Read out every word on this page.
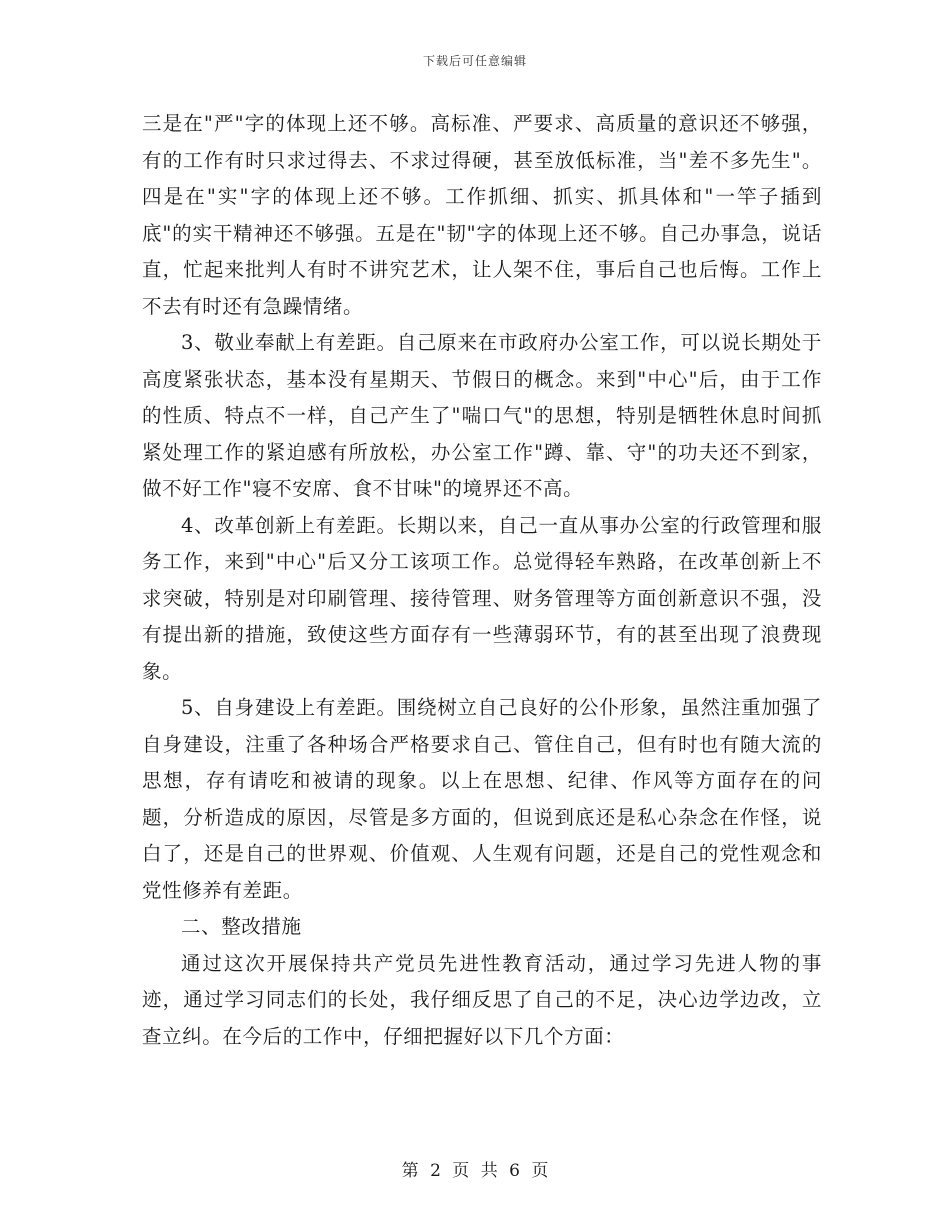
下载后可任意编辑

三是在"严"字的体现上还不够。高标准、严要求、高质量的意识还不够强，有的工作有时只求过得去、不求过得硬，甚至放低标准，当"差不多先生"。四是在"实"字的体现上还不够。工作抓细、抓实、抓具体和"一竿子插到底"的实干精神还不够强。五是在"韧"字的体现上还不够。自己办事急，说话直，忙起来批判人有时不讲究艺术，让人架不住，事后自己也后悔。工作上不去有时还有急躁情绪。

3、敬业奉献上有差距。自己原来在市政府办公室工作，可以说长期处于高度紧张状态，基本没有星期天、节假日的概念。来到"中心"后，由于工作的性质、特点不一样，自己产生了"喘口气"的思想，特别是牺牲休息时间抓紧处理工作的紧迫感有所放松，办公室工作"蹲、靠、守"的功夫还不到家，做不好工作"寝不安席、食不甘味"的境界还不高。

4、改革创新上有差距。长期以来，自己一直从事办公室的行政管理和服务工作，来到"中心"后又分工该项工作。总觉得轻车熟路，在改革创新上不求突破，特别是对印刷管理、接待管理、财务管理等方面创新意识不强，没有提出新的措施，致使这些方面存有一些薄弱环节，有的甚至出现了浪费现象。

5、自身建设上有差距。围绕树立自己良好的公仆形象，虽然注重加强了自身建设，注重了各种场合严格要求自己、管住自己，但有时也有随大流的思想，存有请吃和被请的现象。以上在思想、纪律、作风等方面存在的问题，分析造成的原因，尽管是多方面的，但说到底还是私心杂念在作怪，说白了，还是自己的世界观、价值观、人生观有问题，还是自己的党性观念和党性修养有差距。

二、整改措施

通过这次开展保持共产党员先进性教育活动，通过学习先进人物的事迹，通过学习同志们的长处，我仔细反思了自己的不足，决心边学边改，立查立纠。在今后的工作中，仔细把握好以下几个方面：

第 2 页 共 6 页
